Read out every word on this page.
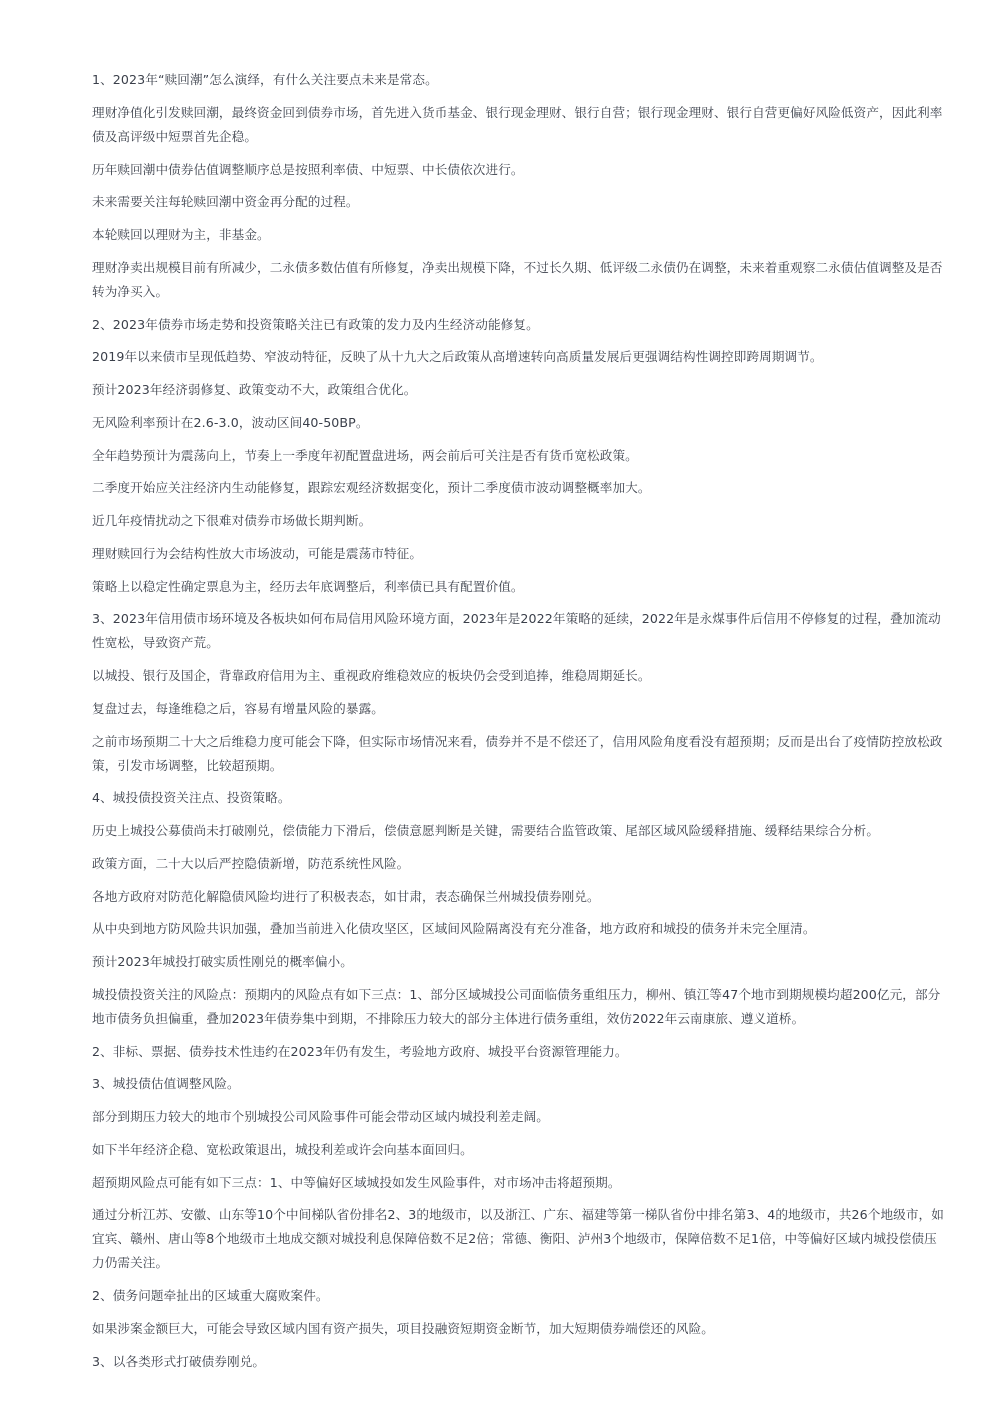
1、2023年“赎回潮”怎么演绎，有什么关注要点未来是常态。

理财净值化引发赎回潮，最终资金回到债券市场，首先进入货币基金、银行现金理财、银行自营；银行现金理财、银行自营更偏好风险低资产，因此利率债及高评级中短票首先企稳。

历年赎回潮中债券估值调整顺序总是按照利率债、中短票、中长债依次进行。

未来需要关注每轮赎回潮中资金再分配的过程。

本轮赎回以理财为主，非基金。

理财净卖出规模目前有所减少，二永债多数估值有所修复，净卖出规模下降，不过长久期、低评级二永债仍在调整，未来着重观察二永债估值调整及是否转为净买入。

2、2023年债券市场走势和投资策略关注已有政策的发力及内生经济动能修复。

2019年以来债市呈现低趋势、窄波动特征，反映了从十九大之后政策从高增速转向高质量发展后更强调结构性调控即跨周期调节。

预计2023年经济弱修复、政策变动不大，政策组合优化。

无风险利率预计在2.6-3.0，波动区间40-50BP。

全年趋势预计为震荡向上，节奏上一季度年初配置盘进场，两会前后可关注是否有货币宽松政策。

二季度开始应关注经济内生动能修复，跟踪宏观经济数据变化，预计二季度债市波动调整概率加大。

近几年疫情扰动之下很难对债券市场做长期判断。

理财赎回行为会结构性放大市场波动，可能是震荡市特征。

策略上以稳定性确定票息为主，经历去年底调整后，利率债已具有配置价值。

3、2023年信用债市场环境及各板块如何布局信用风险环境方面，2023年是2022年策略的延续，2022年是永煤事件后信用不停修复的过程，叠加流动性宽松，导致资产荒。

以城投、银行及国企，背靠政府信用为主、重视政府维稳效应的板块仍会受到追捧，维稳周期延长。

复盘过去，每逢维稳之后，容易有增量风险的暴露。

之前市场预期二十大之后维稳力度可能会下降，但实际市场情况来看，债券并不是不偿还了，信用风险角度看没有超预期；反而是出台了疫情防控放松政策，引发市场调整，比较超预期。

4、城投债投资关注点、投资策略。

历史上城投公募债尚未打破刚兑，偿债能力下滑后，偿债意愿判断是关键，需要结合监管政策、尾部区域风险缓释措施、缓释结果综合分析。

政策方面，二十大以后严控隐债新增，防范系统性风险。

各地方政府对防范化解隐债风险均进行了积极表态，如甘肃，表态确保兰州城投债券刚兑。

从中央到地方防风险共识加强，叠加当前进入化债攻坚区，区域间风险隔离没有充分准备，地方政府和城投的债务并未完全厘清。

预计2023年城投打破实质性刚兑的概率偏小。

城投债投资关注的风险点：预期内的风险点有如下三点：1、部分区域城投公司面临债务重组压力，柳州、镇江等47个地市到期规模均超200亿元，部分地市债务负担偏重，叠加2023年债券集中到期，不排除压力较大的部分主体进行债务重组，效仿2022年云南康旅、遵义道桥。

2、非标、票据、债券技术性违约在2023年仍有发生，考验地方政府、城投平台资源管理能力。

3、城投债估值调整风险。

部分到期压力较大的地市个别城投公司风险事件可能会带动区域内城投利差走阔。

如下半年经济企稳、宽松政策退出，城投利差或许会向基本面回归。

超预期风险点可能有如下三点：1、中等偏好区域城投如发生风险事件，对市场冲击将超预期。

通过分析江苏、安徽、山东等10个中间梯队省份排名2、3的地级市，以及浙江、广东、福建等第一梯队省份中排名第3、4的地级市，共26个地级市，如宜宾、赣州、唐山等8个地级市土地成交额对城投利息保障倍数不足2倍；常德、衡阳、泸州3个地级市，保障倍数不足1倍，中等偏好区域内城投偿债压力仍需关注。

2、债务问题牵扯出的区域重大腐败案件。

如果涉案金额巨大，可能会导致区域内国有资产损失，项目投融资短期资金断节，加大短期债券端偿还的风险。

3、以各类形式打破债券刚兑。
